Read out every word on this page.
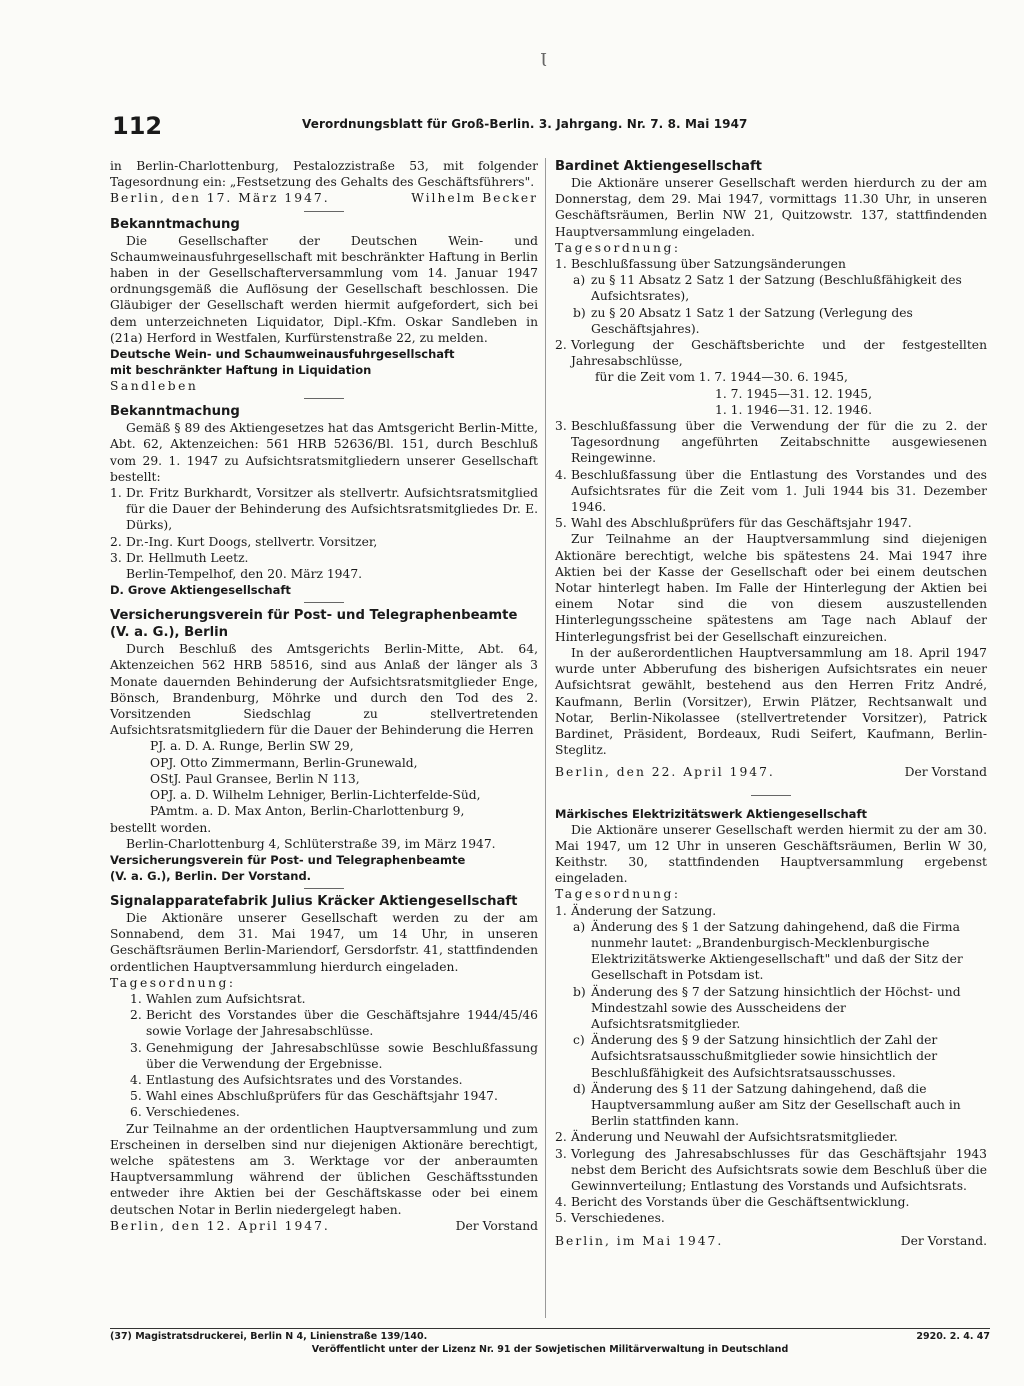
Ɩ
112	Verordnungsblatt für Groß-Berlin. 3. Jahrgang. Nr. 7. 8. Mai 1947

in Berlin-Charlottenburg, Pestalozzistraße 53, mit folgender Tagesordnung ein: „Festsetzung des Gehalts des Geschäftsführers".

Berlin, den 17. März 1947.	Wilhelm Becker

Bekanntmachung

Die Gesellschafter der Deutschen Wein- und Schaumweinausfuhrgesellschaft mit beschränkter Haftung in Berlin haben in der Gesellschafterversammlung vom 14. Januar 1947 ordnungsgemäß die Auflösung der Gesellschaft beschlossen. Die Gläubiger der Gesellschaft werden hiermit aufgefordert, sich bei dem unterzeichneten Liquidator, Dipl.-Kfm. Oskar Sandleben in (21a) Herford in Westfalen, Kurfürstenstraße 22, zu melden.

Deutsche Wein- und Schaumweinausfuhrgesellschaft

mit beschränkter Haftung in Liquidation

Sandleben

Bekanntmachung

Gemäß § 89 des Aktiengesetzes hat das Amtsgericht Berlin-Mitte, Abt. 62, Aktenzeichen: 561 HRB 52636/Bl. 151, durch Beschluß vom 29. 1. 1947 zu Aufsichtsratsmitgliedern unserer Gesellschaft bestellt:

1. Dr. Fritz Burkhardt, Vorsitzer als stellvertr. Aufsichtsratsmitglied für die Dauer der Behinderung des Aufsichtsratsmitgliedes Dr. E. Dürks),
2. Dr.-Ing. Kurt Doogs, stellvertr. Vorsitzer,
3. Dr. Hellmuth Leetz.

Berlin-Tempelhof, den 20. März 1947.

D. Grove Aktiengesellschaft

Versicherungsverein für Post- und Telegraphenbeamte

(V. a. G.), Berlin

Durch Beschluß des Amtsgerichts Berlin-Mitte, Abt. 64, Aktenzeichen 562 HRB 58516, sind aus Anlaß der länger als 3 Monate dauernden Behinderung der Aufsichtsratsmitglieder Enge, Bönsch, Brandenburg, Möhrke und durch den Tod des 2. Vorsitzenden Siedschlag zu stellvertretenden Aufsichtsratsmitgliedern für die Dauer der Behinderung die Herren

PJ. a. D. A. Runge, Berlin SW 29,

OPJ. Otto Zimmermann, Berlin-Grunewald,

OStJ. Paul Gransee, Berlin N 113,

OPJ. a. D. Wilhelm Lehniger, Berlin-Lichterfelde-Süd,

PAmtm. a. D. Max Anton, Berlin-Charlottenburg 9,

bestellt worden.

Berlin-Charlottenburg 4, Schlüterstraße 39, im März 1947.

Versicherungsverein für Post- und Telegraphenbeamte

(V. a. G.), Berlin. Der Vorstand.

Signalapparatefabrik Julius Kräcker Aktiengesellschaft

Die Aktionäre unserer Gesellschaft werden zu der am Sonnabend, dem 31. Mai 1947, um 14 Uhr, in unseren Geschäftsräumen Berlin-Mariendorf, Gersdorfstr. 41, stattfindenden ordentlichen Hauptversammlung hierdurch eingeladen.

Tagesordnung:

1. Wahlen zum Aufsichtsrat.
2. Bericht des Vorstandes über die Geschäftsjahre 1944/45/46 sowie Vorlage der Jahresabschlüsse.
3. Genehmigung der Jahresabschlüsse sowie Beschlußfassung über die Verwendung der Ergebnisse.
4. Entlastung des Aufsichtsrates und des Vorstandes.
5. Wahl eines Abschlußprüfers für das Geschäftsjahr 1947.
6. Verschiedenes.

Zur Teilnahme an der ordentlichen Hauptversammlung und zum Erscheinen in derselben sind nur diejenigen Aktionäre berechtigt, welche spätestens am 3. Werktage vor der anberaumten Hauptversammlung während der üblichen Geschäftsstunden entweder ihre Aktien bei der Geschäftskasse oder bei einem deutschen Notar in Berlin niedergelegt haben.

Berlin, den 12. April 1947.	Der Vorstand

Bardinet Aktiengesellschaft

Die Aktionäre unserer Gesellschaft werden hierdurch zu der am Donnerstag, dem 29. Mai 1947, vormittags 11.30 Uhr, in unseren Geschäftsräumen, Berlin NW 21, Quitzowstr. 137, stattfindenden Hauptversammlung eingeladen.

Tagesordnung:

1. Beschlußfassung über Satzungsänderungen
a) zu § 11 Absatz 2 Satz 1 der Satzung (Beschlußfähigkeit des Aufsichtsrates),
b) zu § 20 Absatz 1 Satz 1 der Satzung (Verlegung des Geschäftsjahres).
2. Vorlegung der Geschäftsberichte und der festgestellten Jahresabschlüsse,

für die Zeit vom 1. 7. 1944—30. 6. 1945,

1. 7. 1945—31. 12. 1945,

1. 1. 1946—31. 12. 1946.

3. Beschlußfassung über die Verwendung der für die zu 2. der Tagesordnung angeführten Zeitabschnitte ausgewiesenen Reingewinne.
4. Beschlußfassung über die Entlastung des Vorstandes und des Aufsichtsrates für die Zeit vom 1. Juli 1944 bis 31. Dezember 1946.
5. Wahl des Abschlußprüfers für das Geschäftsjahr 1947.

Zur Teilnahme an der Hauptversammlung sind diejenigen Aktionäre berechtigt, welche bis spätestens 24. Mai 1947 ihre Aktien bei der Kasse der Gesellschaft oder bei einem deutschen Notar hinterlegt haben. Im Falle der Hinterlegung der Aktien bei einem Notar sind die von diesem auszustellenden Hinterlegungsscheine spätestens am Tage nach Ablauf der Hinterlegungsfrist bei der Gesellschaft einzureichen.

In der außerordentlichen Hauptversammlung am 18. April 1947 wurde unter Abberufung des bisherigen Aufsichtsrates ein neuer Aufsichtsrat gewählt, bestehend aus den Herren Fritz André, Kaufmann, Berlin (Vorsitzer), Erwin Plätzer, Rechtsanwalt und Notar, Berlin-Nikolassee (stellvertretender Vorsitzer), Patrick Bardinet, Präsident, Bordeaux, Rudi Seifert, Kaufmann, Berlin-Steglitz.

Berlin, den 22. April 1947.	Der Vorstand

Märkisches Elektrizitätswerk Aktiengesellschaft

Die Aktionäre unserer Gesellschaft werden hiermit zu der am 30. Mai 1947, um 12 Uhr in unseren Geschäftsräumen, Berlin W 30, Keithstr. 30, stattfindenden Hauptversammlung ergebenst eingeladen.

Tagesordnung:

1. Änderung der Satzung.
a) Änderung des § 1 der Satzung dahingehend, daß die Firma nunmehr lautet: „Brandenburgisch-Mecklenburgische Elektrizitätswerke Aktiengesellschaft" und daß der Sitz der Gesellschaft in Potsdam ist.
b) Änderung des § 7 der Satzung hinsichtlich der Höchst- und Mindestzahl sowie des Ausscheidens der Aufsichtsratsmitglieder.
c) Änderung des § 9 der Satzung hinsichtlich der Zahl der Aufsichtsratsausschußmitglieder sowie hinsichtlich der Beschlußfähigkeit des Aufsichtsratsausschusses.
d) Änderung des § 11 der Satzung dahingehend, daß die Hauptversammlung außer am Sitz der Gesellschaft auch in Berlin stattfinden kann.
2. Änderung und Neuwahl der Aufsichtsratsmitglieder.
3. Vorlegung des Jahresabschlusses für das Geschäftsjahr 1943 nebst dem Bericht des Aufsichtsrats sowie dem Beschluß über die Gewinnverteilung; Entlastung des Vorstands und Aufsichtsrats.
4. Bericht des Vorstands über die Geschäftsentwicklung.
5. Verschiedenes.
Berlin, im Mai 1947.	Der Vorstand.
(37) Magistratsdruckerei, Berlin N 4, Linienstraße 139/140.	2920. 2. 4. 47
Veröffentlicht unter der Lizenz Nr. 91 der Sowjetischen Militärverwaltung in Deutschland
